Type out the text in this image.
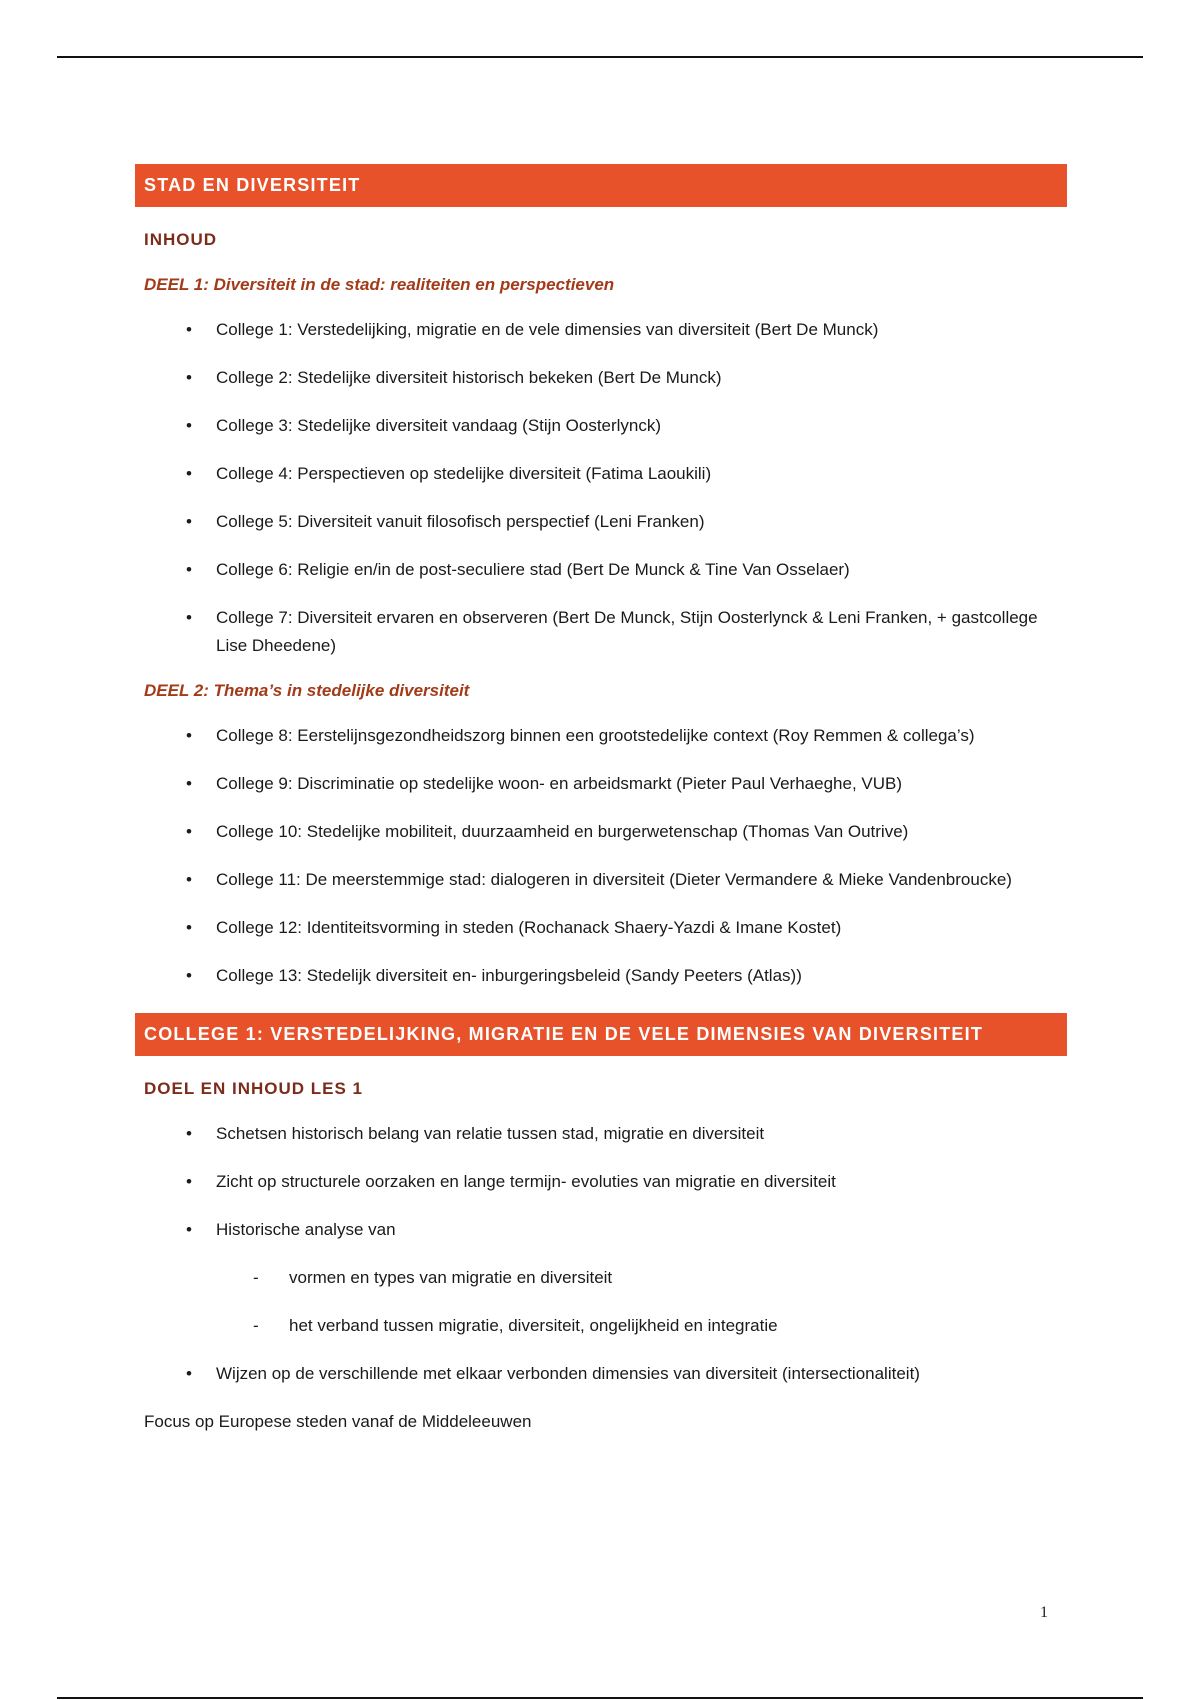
STAD EN DIVERSITEIT
INHOUD
DEEL 1: Diversiteit in de stad: realiteiten en perspectieven
• College 1: Verstedelijking, migratie en de vele dimensies van diversiteit (Bert De Munck)
• College 2: Stedelijke diversiteit historisch bekeken (Bert De Munck)
• College 3: Stedelijke diversiteit vandaag (Stijn Oosterlynck)
• College 4: Perspectieven op stedelijke diversiteit (Fatima Laoukili)
• College 5: Diversiteit vanuit filosofisch perspectief (Leni Franken)
• College 6: Religie en/in de post-seculiere stad (Bert De Munck & Tine Van Osselaer)
• College 7: Diversiteit ervaren en observeren (Bert De Munck, Stijn Oosterlynck & Leni Franken, + gastcollege Lise Dheedene)
DEEL 2: Thema’s in stedelijke diversiteit
• College 8: Eerstelijnsgezondheidszorg binnen een grootstedelijke context (Roy Remmen & collega’s)
• College 9: Discriminatie op stedelijke woon- en arbeidsmarkt (Pieter Paul Verhaeghe, VUB)
• College 10: Stedelijke mobiliteit, duurzaamheid en burgerwetenschap (Thomas Van Outrive)
• College 11: De meerstemmige stad: dialogeren in diversiteit (Dieter Vermandere & Mieke Vandenbroucke)
• College 12: Identiteitsvorming in steden (Rochanack Shaery-Yazdi & Imane Kostet)
• College 13: Stedelijk diversiteit en- inburgeringsbeleid (Sandy Peeters (Atlas))
COLLEGE 1: VERSTEDELIJKING, MIGRATIE EN DE VELE DIMENSIES VAN DIVERSITEIT
DOEL EN INHOUD LES 1
• Schetsen historisch belang van relatie tussen stad, migratie en diversiteit
• Zicht op structurele oorzaken en lange termijn- evoluties van migratie en diversiteit
• Historische analyse van
- vormen en types van migratie en diversiteit
- het verband tussen migratie, diversiteit, ongelijkheid en integratie
• Wijzen op de verschillende met elkaar verbonden dimensies van diversiteit (intersectionaliteit)
Focus op Europese steden vanaf de Middeleeuwen
1
